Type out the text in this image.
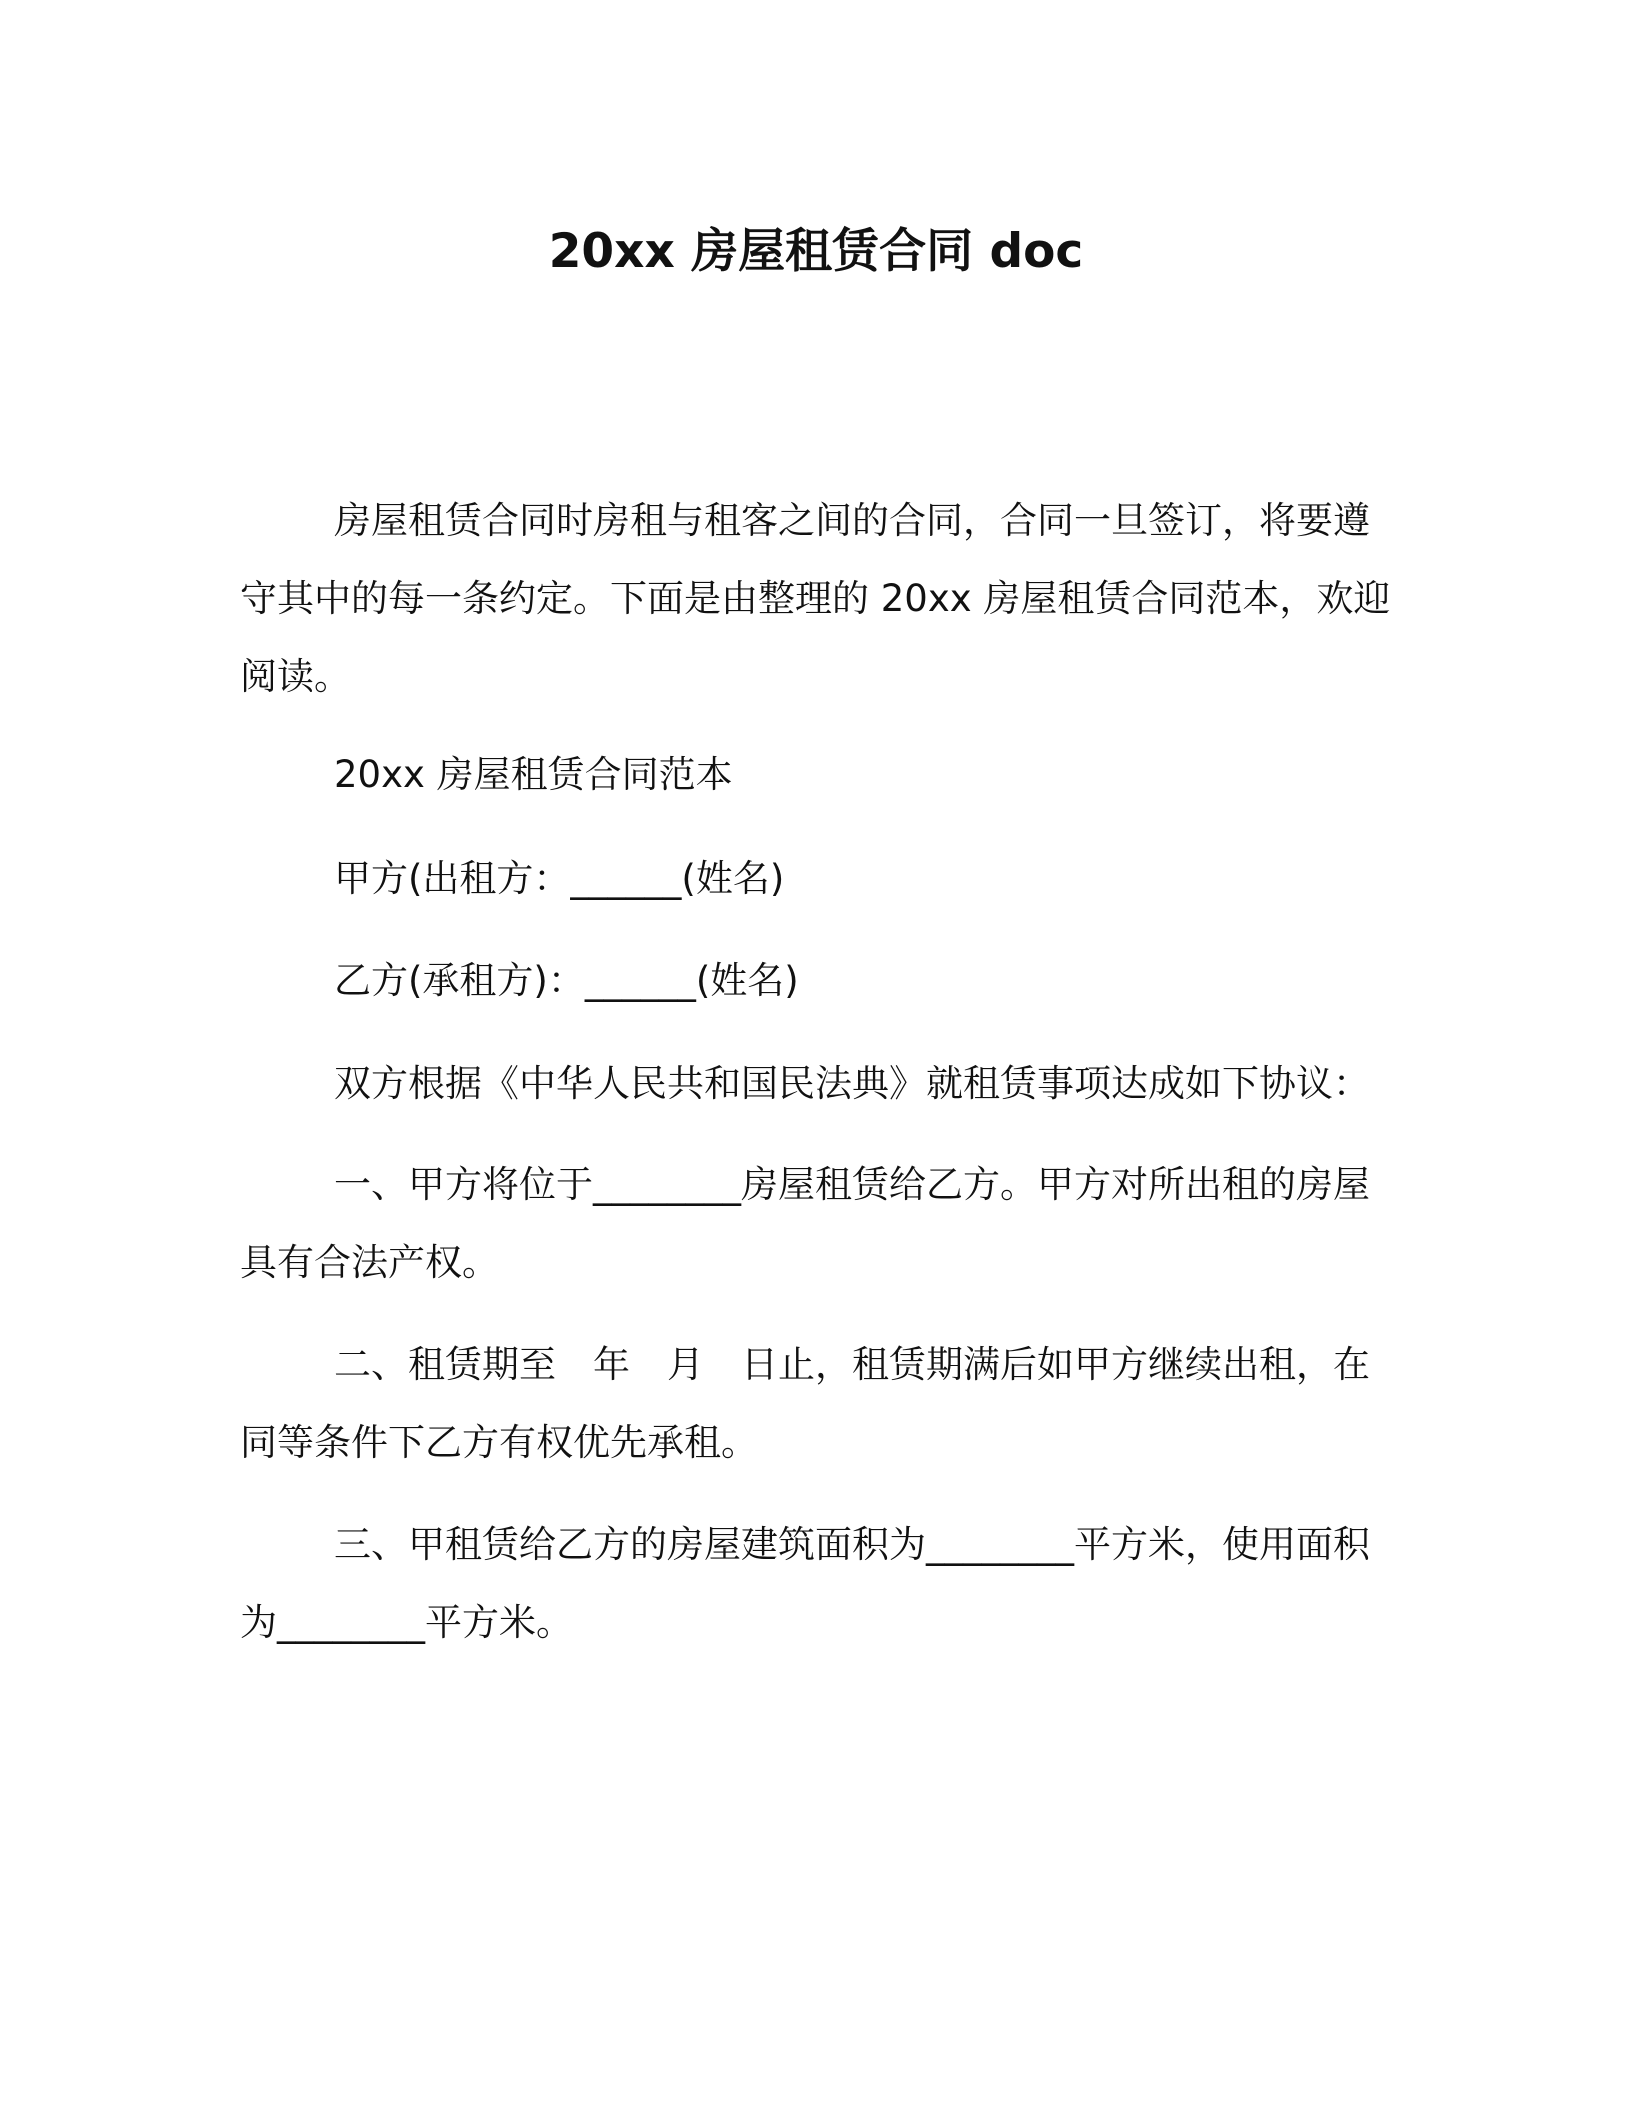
20xx 房屋租赁合同 doc
房屋租赁合同时房租与租客之间的合同，合同一旦签订，将要遵
守其中的每一条约定。下面是由整理的 20xx 房屋租赁合同范本，欢迎
阅读。
20xx 房屋租赁合同范本
甲方(出租方：______(姓名)
乙方(承租方)：______(姓名)
双方根据《中华人民共和国民法典》就租赁事项达成如下协议：
一、甲方将位于________房屋租赁给乙方。甲方对所出租的房屋
具有合法产权。
二、租赁期至　年　月　日止，租赁期满后如甲方继续出租，在
同等条件下乙方有权优先承租。
三、甲租赁给乙方的房屋建筑面积为________平方米，使用面积
为________平方米。
